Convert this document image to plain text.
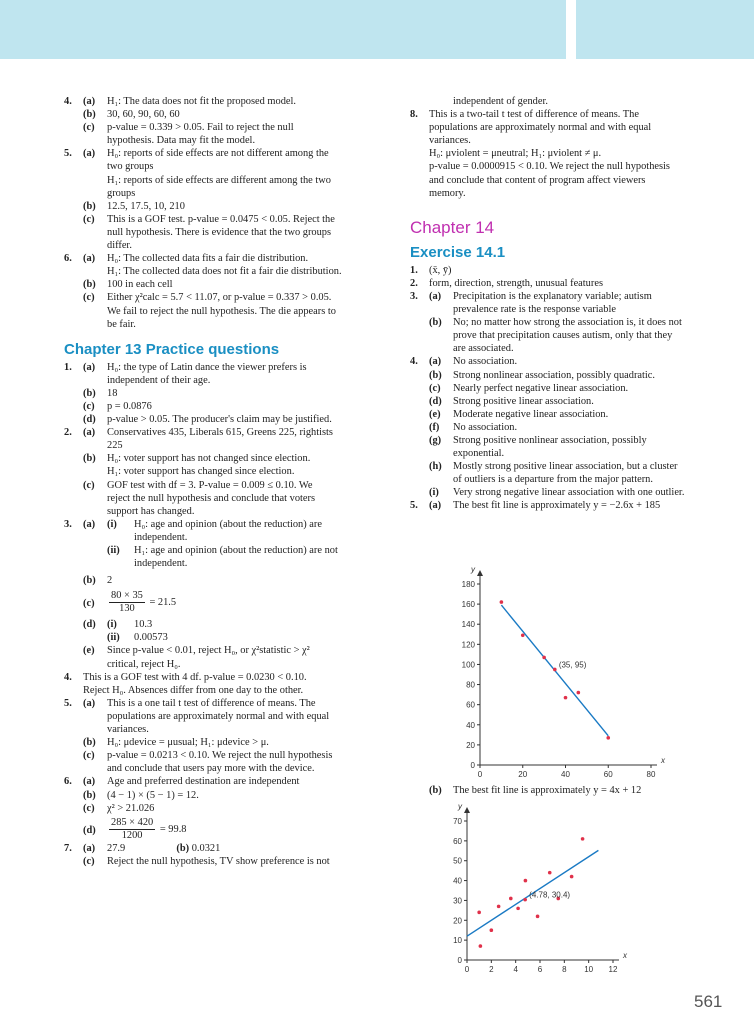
4. (a)	H₁: The data does not fit the proposed model.
(b)	30, 60, 90, 60, 60
(c)	p-value = 0.339 > 0.05. Fail to reject the null
hypothesis. Data may fit the model.
5. (a)	H₀: reports of side effects are not different among the
two groups
H₁: reports of side effects are different among the two
groups
(b)	12.5, 17.5, 10, 210
(c)	This is a GOF test. p-value = 0.0475 < 0.05. Reject the
null hypothesis. There is evidence that the two groups
differ.
6. (a)	H₀: The collected data fits a fair die distribution.
H₁: The collected data does not fit a fair die distribution.
(b)	100 in each cell
(c)	Either χ²calc = 5.7 < 11.07, or p-value = 0.337 > 0.05.
We fail to reject the null hypothesis. The die appears to
be fair.
Chapter 13 Practice questions
1. (a)	H₀: the type of Latin dance the viewer prefers is
independent of their age.
(b)	18
(c)	p = 0.0876
(d)	p-value > 0.05. The producer's claim may be justified.
2. (a)	Conservatives 435, Liberals 615, Greens 225, rightists
225
(b)	H₀: voter support has not changed since election.
H₁: voter support has changed since election.
(c)	GOF test with df = 3. P-value = 0.009 ≤ 0.10. We
reject the null hypothesis and conclude that voters
support has changed.
3. (a) (i)	H₀: age and opinion (about the reduction) are
independent.
(ii)	H₁: age and opinion (about the reduction) are not
independent.
(b)	2
$(c) \frac{80 \times 35}{130} = 21.5$
(d) (i)	10.3
(ii)	0.00573
(e)	Since p-value < 0.01, reject H₀, or χ²statistic > χ²
critical, reject H₀.
4.	This is a GOF test with 4 df. p-value = 0.0230 < 0.10.
Reject H₀. Absences differ from one day to the other.
5. (a)	This is a one tail t test of difference of means. The
populations are approximately normal and with equal
variances.
(b)	H₀: μdevice = μusual; H₁: μdevice > μ.
(c)	p-value = 0.0213 < 0.10. We reject the null hypothesis
and conclude that users pay more with the device.
6. (a)	Age and preferred destination are independent
(b)	(4 − 1) × (5 − 1) = 12.
(c)	χ² > 21.026
$(d) \frac{285 \times 420}{1200} = 99.8$
7. (a)	27.9	(b) 0.0321
(c)	Reject the null hypothesis, TV show preference is not
independent of gender.
8.	This is a two-tail t test of difference of means. The
populations are approximately normal and with equal
variances.
H₀: μviolent = μneutral; H₁: μviolent ≠ μ.
p-value = 0.0000915 < 0.10. We reject the null hypothesis
and conclude that content of program affect viewers
memory.
Chapter 14
Exercise 14.1
1.	(x̄, ȳ)
2.	form, direction, strength, unusual features
3. (a)	Precipitation is the explanatory variable; autism
prevalence rate is the response variable
(b)	No; no matter how strong the association is, it does not
prove that precipitation causes autism, only that they
are associated.
4. (a)	No association.
(b)	Strong nonlinear association, possibly quadratic.
(c)	Nearly perfect negative linear association.
(d)	Strong positive linear association.
(e)	Moderate negative linear association.
(f)	No association.
(g)	Strong positive nonlinear association, possibly
exponential.
(h)	Mostly strong positive linear association, but a cluster
of outliers is a departure from the major pattern.
(i)	Very strong negative linear association with one outlier.
5. (a)	The best fit line is approximately y = −2.6x + 185
(b)	The best fit line is approximately y = 4x + 12
y
x
0	20	40	60	80
0
20
40
60
80
100
120
140
160
180
(35, 95)
y
x
0 2 4 6 8 10 12
0
10
20
30
40
50
60
70
(4.78, 30.4)
561
